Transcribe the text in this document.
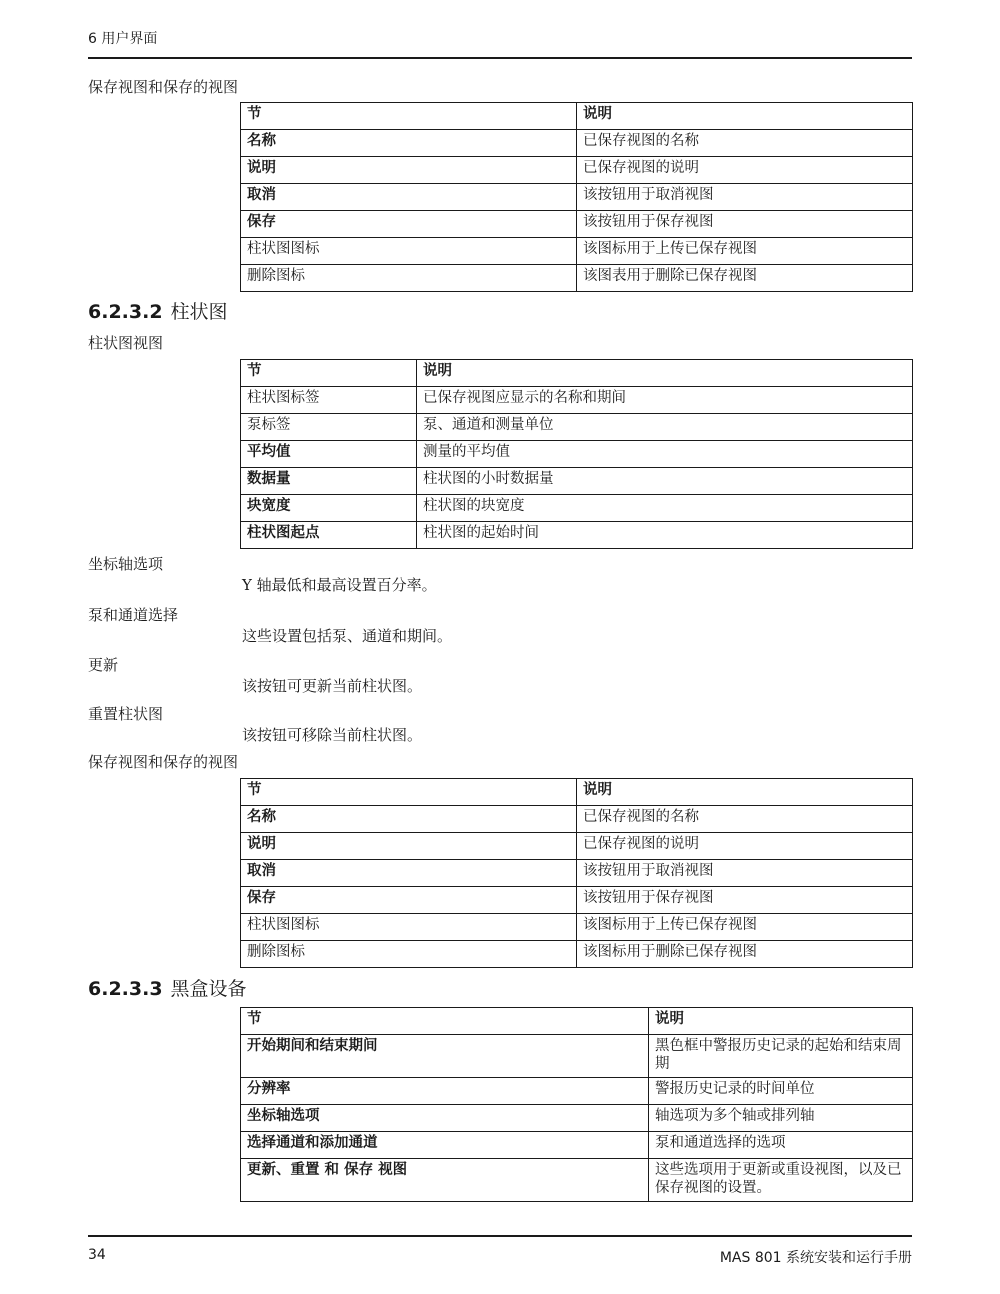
6 用户界面
保存视图和保存的视图
节	说明
名称	已保存视图的名称
说明	已保存视图的说明
取消	该按钮用于取消视图
保存	该按钮用于保存视图
柱状图图标	该图标用于上传已保存视图
删除图标	该图表用于删除已保存视图
6.2.3.2 柱状图
柱状图视图
节	说明
柱状图标签	已保存视图应显示的名称和期间
泵标签	泵、通道和测量单位
平均值	测量的平均值
数据量	柱状图的小时数据量
块宽度	柱状图的块宽度
柱状图起点	柱状图的起始时间
坐标轴选项
Y 轴最低和最高设置百分率。
泵和通道选择
这些设置包括泵、通道和期间。
更新
该按钮可更新当前柱状图。
重置柱状图
该按钮可移除当前柱状图。
保存视图和保存的视图
节	说明
名称	已保存视图的名称
说明	已保存视图的说明
取消	该按钮用于取消视图
保存	该按钮用于保存视图
柱状图图标	该图标用于上传已保存视图
删除图标	该图标用于删除已保存视图
6.2.3.3 黑盒设备
节	说明
开始期间和结束期间	黑色框中警报历史记录的起始和结束周期
分辨率	警报历史记录的时间单位
坐标轴选项	轴选项为多个轴或排列轴
选择通道和添加通道	泵和通道选择的选项
更新、重置 和 保存 视图	这些选项用于更新或重设视图，以及已保存视图的设置。
34	MAS 801 系统安装和运行手册
